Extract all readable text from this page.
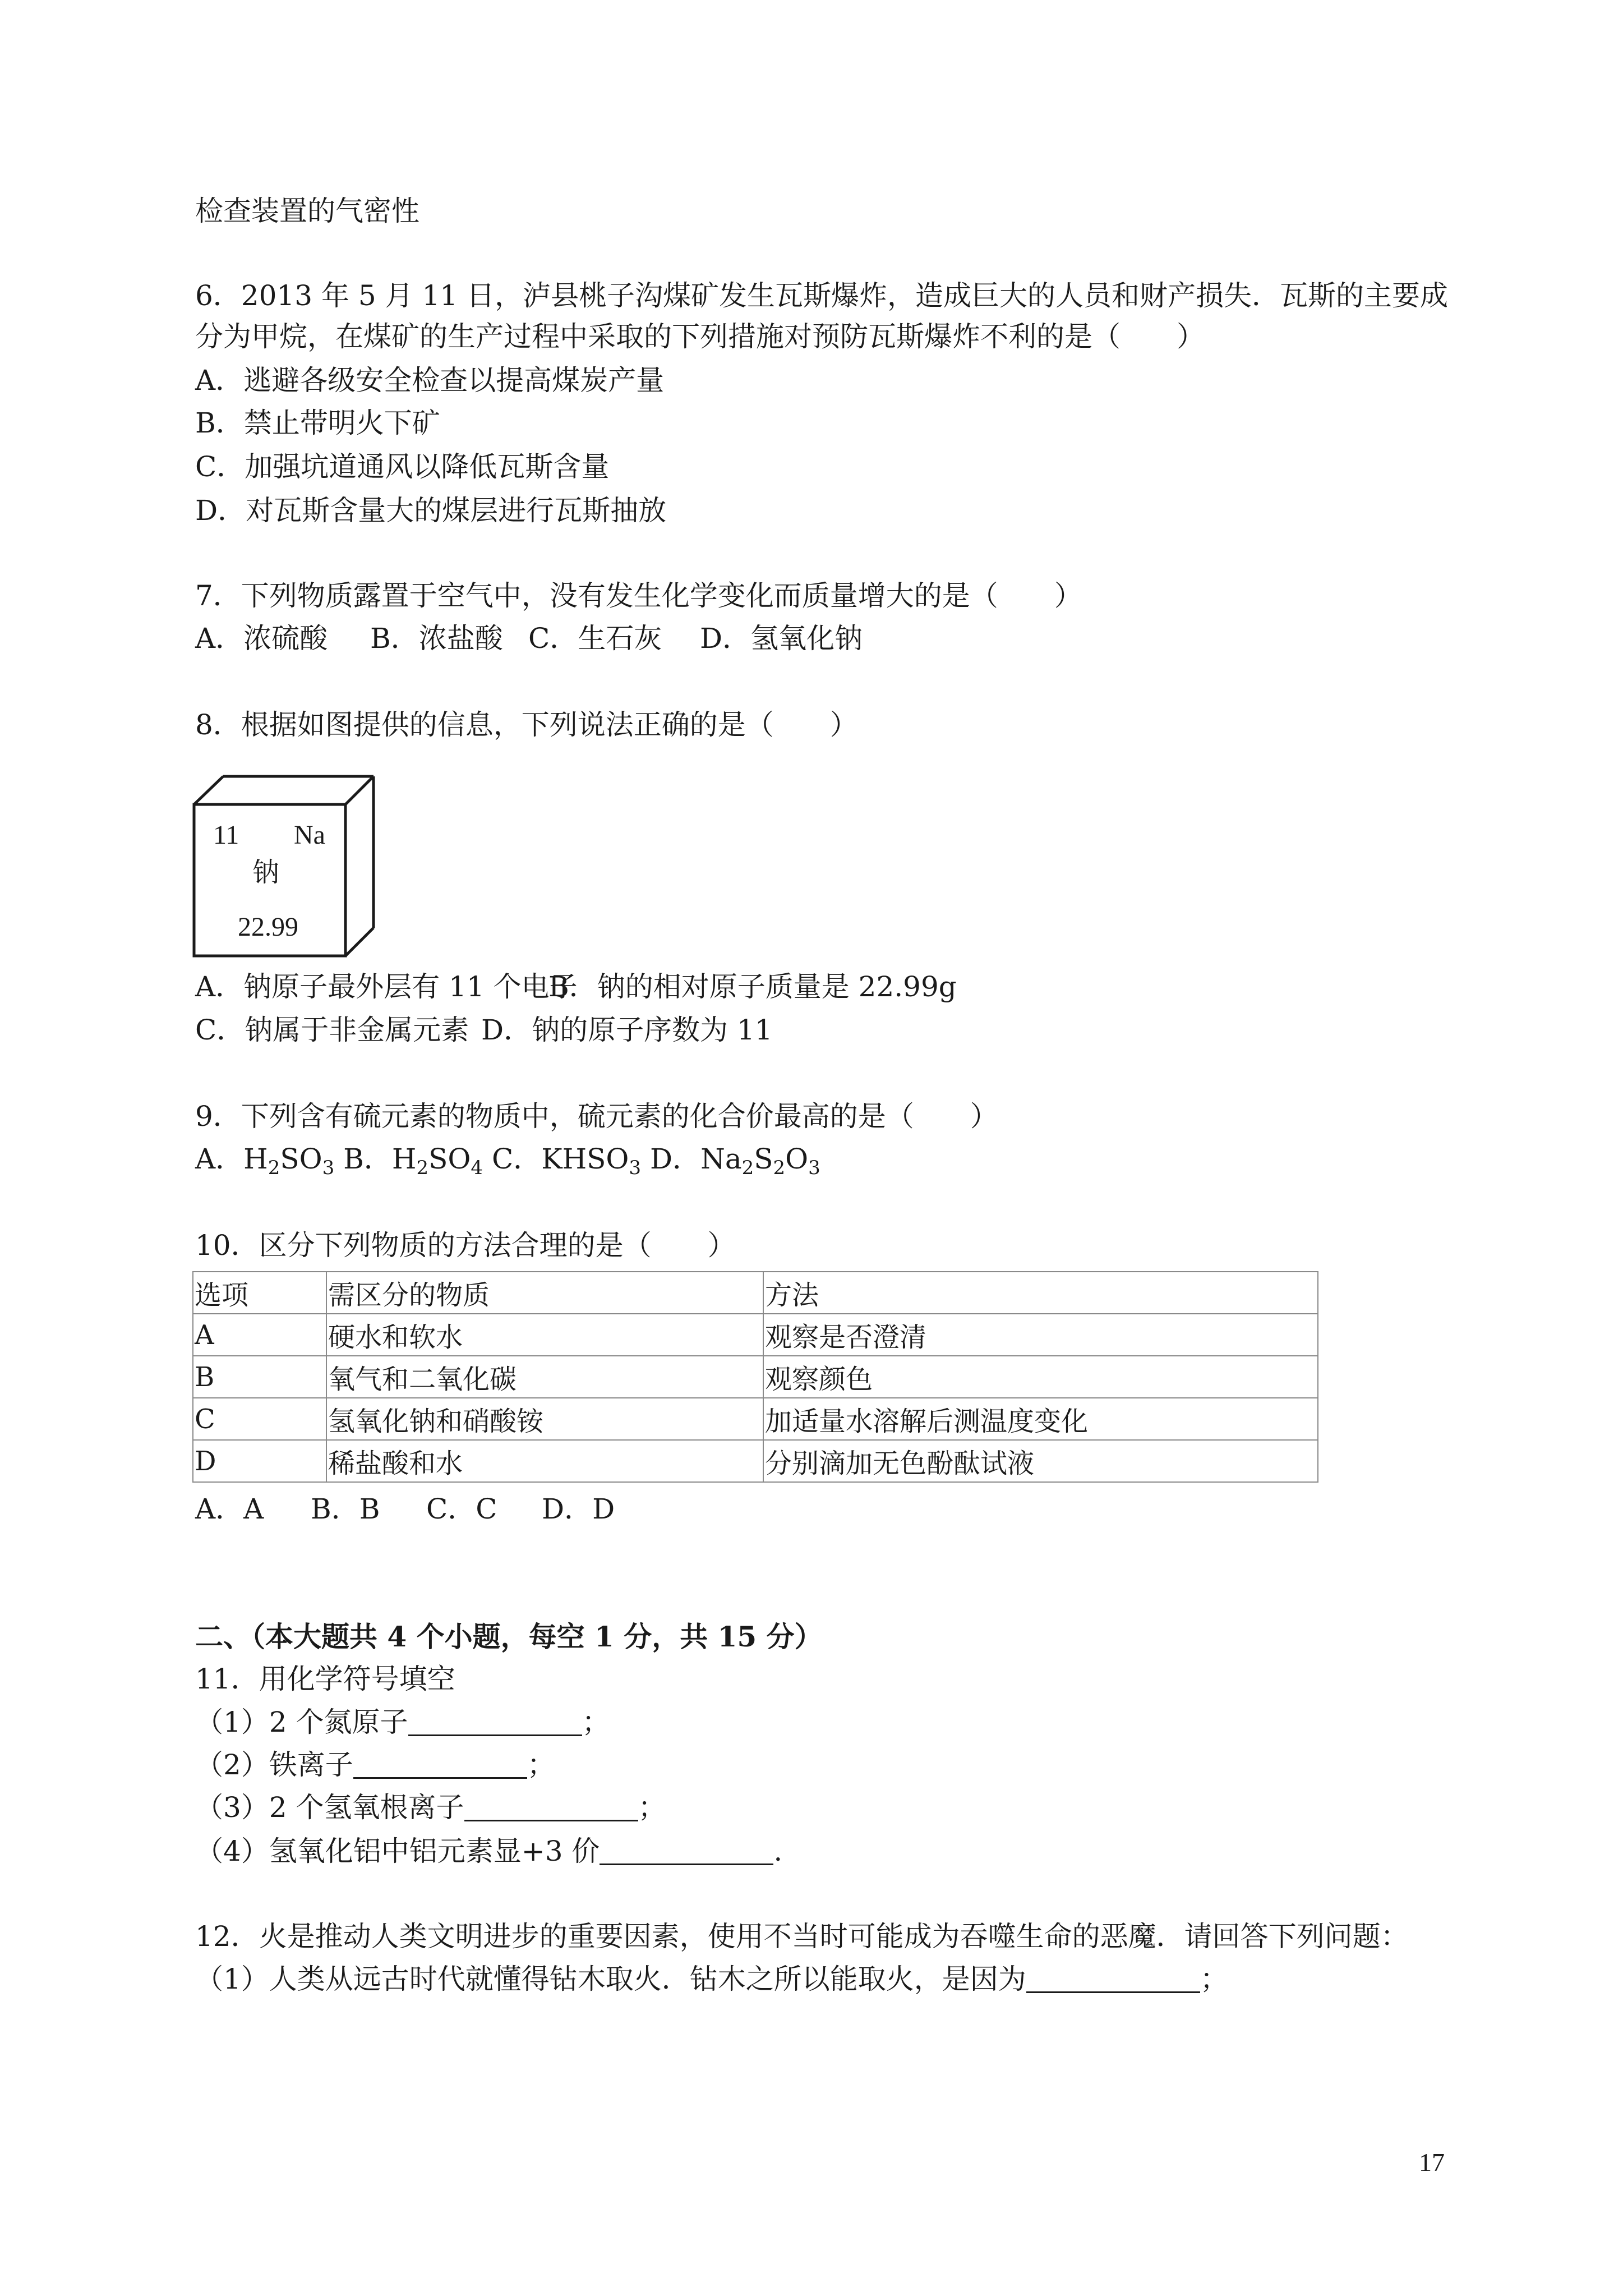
检查装置的气密性
6．2013 年 5 月 11 日，泸县桃子沟煤矿发生瓦斯爆炸，造成巨大的人员和财产损失．瓦斯的主要成
分为甲烷，在煤矿的生产过程中采取的下列措施对预防瓦斯爆炸不利的是（　　）
A．逃避各级安全检查以提高煤炭产量
B．禁止带明火下矿
C．加强坑道通风以降低瓦斯含量
D．对瓦斯含量大的煤层进行瓦斯抽放
7．下列物质露置于空气中，没有发生化学变化而质量增大的是（　　）
A．浓硫酸 B．浓盐酸 C．生石灰 D．氢氧化钠
8．根据如图提供的信息，下列说法正确的是（　　）
11 Na
钠
22.99
A．钠原子最外层有 11 个电子B．钠的相对原子质量是 22.99g
C．钠属于非金属元素 D．钠的原子序数为 11
9．下列含有硫元素的物质中，硫元素的化合价最高的是（　　）
A．$H_2SO_3$ B．$H_2SO_4$ C．$KHSO_3$ D．$Na_2S_2O_3$
10．区分下列物质的方法合理的是（　　）
选项	需区分的物质	方法
A	硬水和软水	观察是否澄清
B	氧气和二氧化碳	观察颜色
C	氢氧化钠和硝酸铵	加适量水溶解后测温度变化
D	稀盐酸和水	分别滴加无色酚酞试液
A．A B．B C．C D．D
二、（本大题共 4 个小题，每空 1 分，共 15 分）
11．用化学符号填空
（1）2 个氮原子	；
（2）铁离子	；
（3）2 个氢氧根离子	；
（4）氢氧化铝中铝元素显+3 价	.
12．火是推动人类文明进步的重要因素，使用不当时可能成为吞噬生命的恶魔．请回答下列问题：
（1）人类从远古时代就懂得钻木取火．钻木之所以能取火，是因为	；
17
